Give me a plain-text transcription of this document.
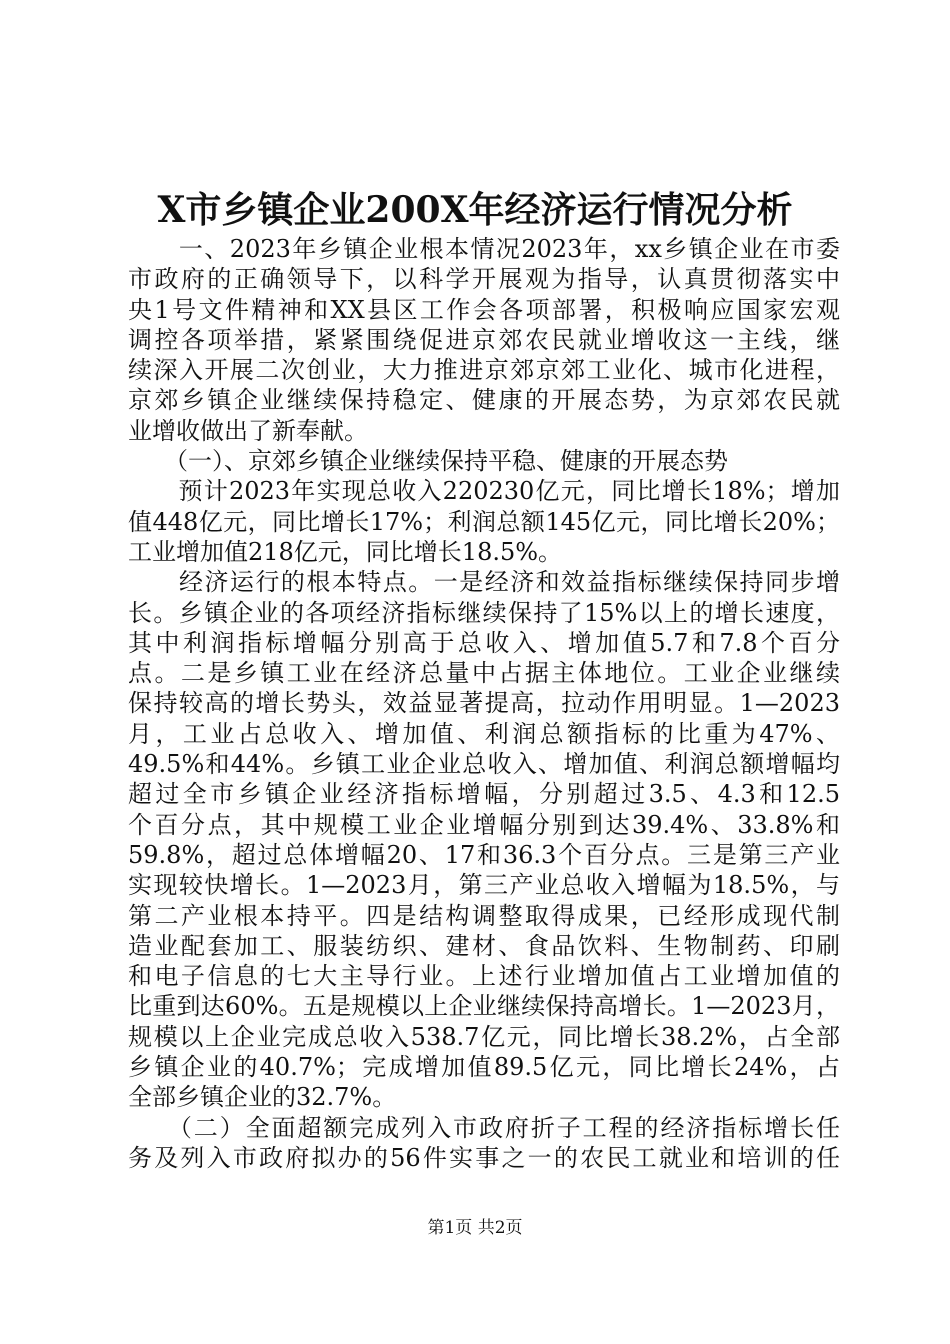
X市乡镇企业200X年经济运行情况分析
　　一、2023年乡镇企业根本情况2023年，xx乡镇企业在市委
市政府的正确领导下，以科学开展观为指导，认真贯彻落实中
央1号文件精神和XX县区工作会各项部署，积极响应国家宏观
调控各项举措，紧紧围绕促进京郊农民就业增收这一主线，继
续深入开展二次创业，大力推进京郊京郊工业化、城市化进程，
京郊乡镇企业继续保持稳定、健康的开展态势，为京郊农民就
业增收做出了新奉献。
　　（一）、京郊乡镇企业继续保持平稳、健康的开展态势
　　预计2023年实现总收入220230亿元，同比增长18%；增加
值448亿元，同比增长17%；利润总额145亿元，同比增长20%；
工业增加值218亿元，同比增长18.5%。
　　经济运行的根本特点。一是经济和效益指标继续保持同步增
长。乡镇企业的各项经济指标继续保持了15%以上的增长速度，
其中利润指标增幅分别高于总收入、增加值5.7和7.8个百分
点。二是乡镇工业在经济总量中占据主体地位。工业企业继续
保持较高的增长势头，效益显著提高，拉动作用明显。1—2023
月，工业占总收入、增加值、利润总额指标的比重为47%、
49.5%和44%。乡镇工业企业总收入、增加值、利润总额增幅均
超过全市乡镇企业经济指标增幅，分别超过3.5、4.3和12.5
个百分点，其中规模工业企业增幅分别到达39.4%、33.8%和
59.8%，超过总体增幅20、17和36.3个百分点。三是第三产业
实现较快增长。1—2023月，第三产业总收入增幅为18.5%，与
第二产业根本持平。四是结构调整取得成果，已经形成现代制
造业配套加工、服装纺织、建材、食品饮料、生物制药、印刷
和电子信息的七大主导行业。上述行业增加值占工业增加值的
比重到达60%。五是规模以上企业继续保持高增长。1—2023月，
规模以上企业完成总收入538.7亿元，同比增长38.2%，占全部
乡镇企业的40.7%；完成增加值89.5亿元，同比增长24%，占
全部乡镇企业的32.7%。
　　（二）全面超额完成列入市政府折子工程的经济指标增长任
务及列入市政府拟办的56件实事之一的农民工就业和培训的任
第1页 共2页
